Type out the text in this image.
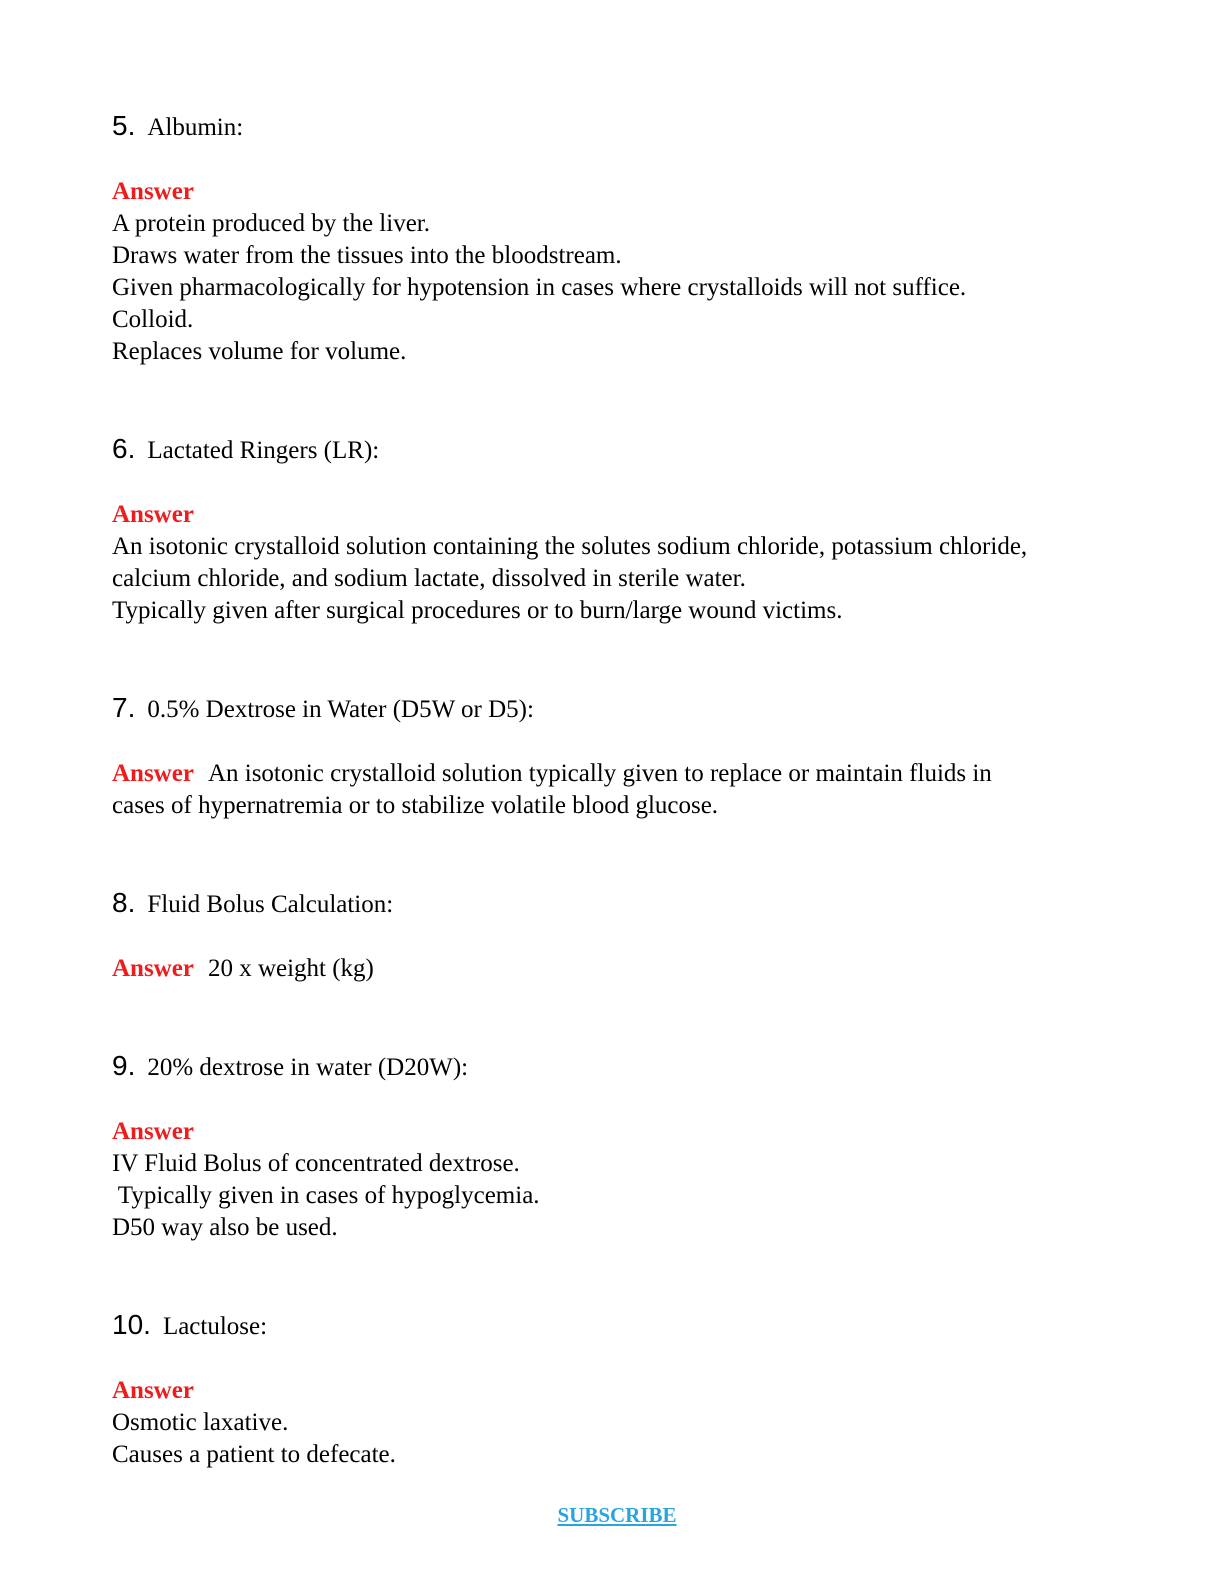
5. Albumin:
Answer
A protein produced by the liver.
Draws water from the tissues into the bloodstream.
Given pharmacologically for hypotension in cases where crystalloids will not suffice.
Colloid.
Replaces volume for volume.
6. Lactated Ringers (LR):
Answer
An isotonic crystalloid solution containing the solutes sodium chloride, potassium chloride,
calcium chloride, and sodium lactate, dissolved in sterile water.
Typically given after surgical procedures or to burn/large wound victims.
7. 0.5% Dextrose in Water (D5W or D5):
Answer An isotonic crystalloid solution typically given to replace or maintain fluids in
cases of hypernatremia or to stabilize volatile blood glucose.
8. Fluid Bolus Calculation:
Answer 20 x weight (kg)
9. 20% dextrose in water (D20W):
Answer
IV Fluid Bolus of concentrated dextrose.
Typically given in cases of hypoglycemia.
D50 way also be used.
10. Lactulose:
Answer
Osmotic laxative.
Causes a patient to defecate.
SUBSCRIBE
